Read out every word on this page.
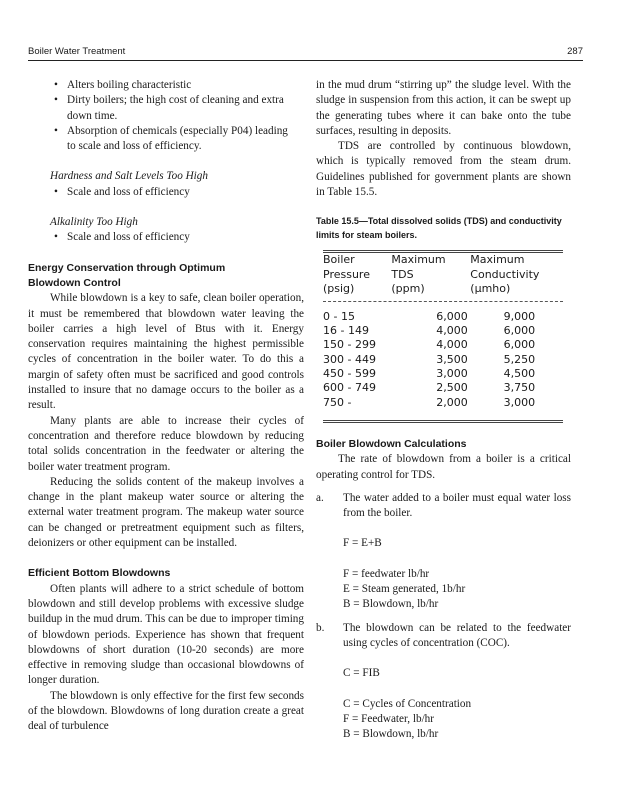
Boiler Water Treatment	287
• Alters boiling characteristic
• Dirty boilers; the high cost of cleaning and extra down time.
• Absorption of chemicals (especially P04) leading to scale and loss of efficiency.
Hardness and Salt Levels Too High
• Scale and loss of efficiency
Alkalinity Too High
• Scale and loss of efficiency
Energy Conservation through Optimum
Blowdown Control

While blowdown is a key to safe, clean boiler operation, it must be remembered that blowdown water leaving the boiler carries a high level of Btus with it. Energy conservation requires maintaining the highest permissible cycles of concentration in the boiler water. To do this a margin of safety often must be sacrificed and good controls installed to insure that no damage occurs to the boiler as a result.

Many plants are able to increase their cycles of concentration and therefore reduce blowdown by reducing total solids concentration in the feedwater or altering the boiler water treatment program.

Reducing the solids content of the makeup involves a change in the plant makeup water source or altering the external water treatment program. The makeup water source can be changed or pretreatment equipment such as filters, deionizers or other equipment can be installed.

Efficient Bottom Blowdowns

Often plants will adhere to a strict schedule of bottom blowdown and still develop problems with excessive sludge buildup in the mud drum. This can be due to improper timing of blowdown periods. Experience has shown that frequent blowdowns of short duration (10-20 seconds) are more effective in removing sludge than occasional blowdowns of longer duration.

The blowdown is only effective for the first few seconds of the blowdown. Blowdowns of long duration create a great deal of turbulence

in the mud drum “stirring up” the sludge level. With the sludge in suspension from this action, it can be swept up the generating tubes where it can bake onto the tube surfaces, resulting in deposits.

TDS are controlled by continuous blowdown, which is typically removed from the steam drum. Guidelines published for government plants are shown in Table 15.5.

Table 15.5—Total dissolved solids (TDS) and conductivity limits for steam boilers.
Boiler
Pressure
(psig)

Maximum
TDS
(ppm)

Maximum
Conductivity
(µmho)
0 - 15	6,000	9,000
16 - 149	4,000	6,000
150 - 299	4,000	6,000
300 - 449	3,500	5,250
450 - 599	3,000	4,500
600 - 749	2,500	3,750
750 -	2,000	3,000
Boiler Blowdown Calculations

The rate of blowdown from a boiler is a critical operating control for TDS.

a. The water added to a boiler must equal water loss from the boiler.

F = E+B
F = feedwater lb/hr
E = Steam generated, 1b/hr
B = Blowdown, lb/hr
b. The blowdown can be related to the feedwater using cycles of concentration (COC).

C = FIB
C = Cycles of Concentration
F = Feedwater, lb/hr
B = Blowdown, lb/hr
